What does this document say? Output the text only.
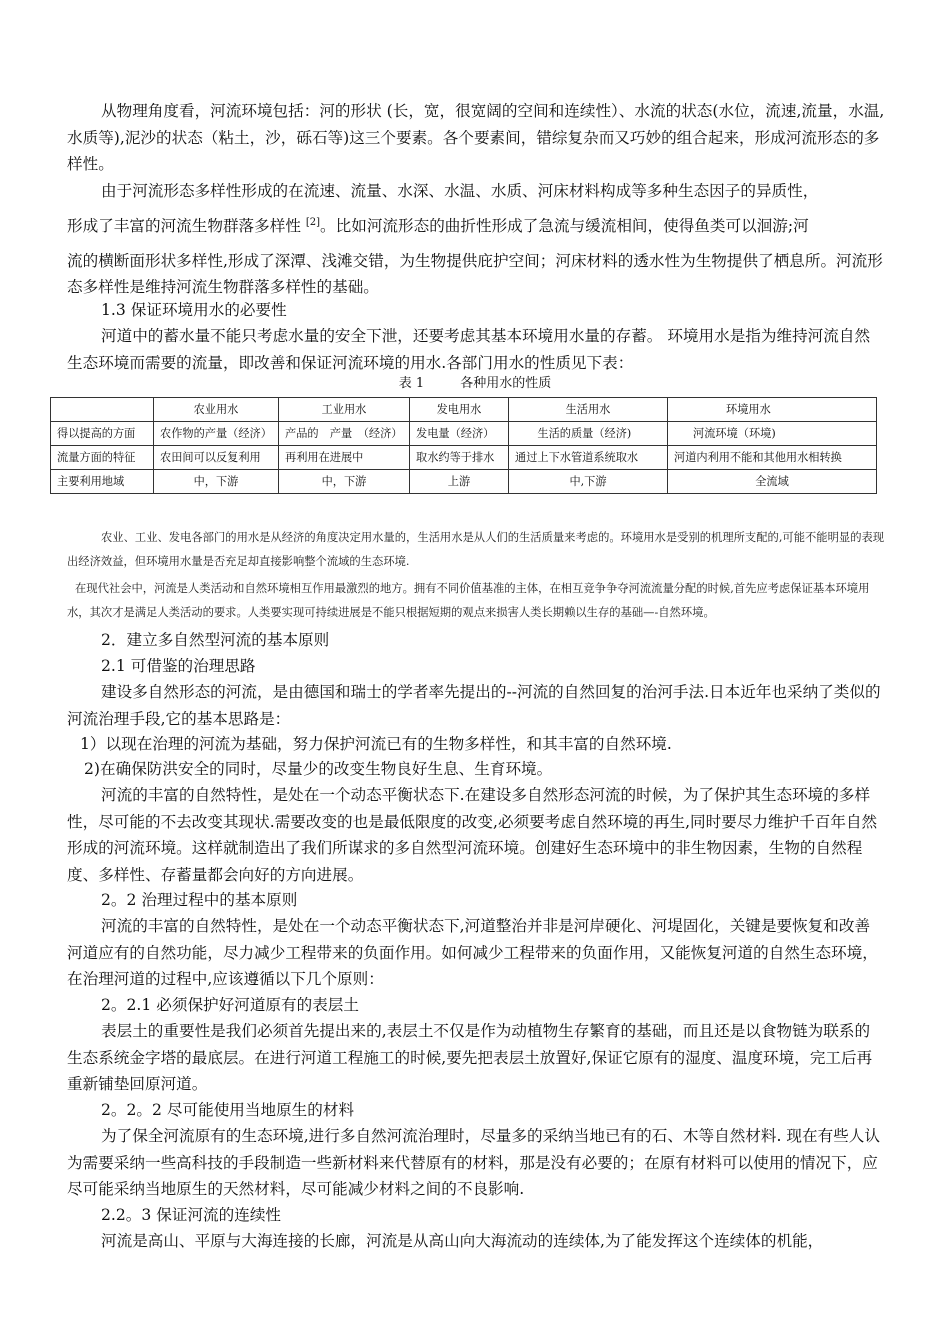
从物理角度看，河流环境包括：河的形状 (长，宽，很宽阔的空间和连续性）、水流的状态(水位，流速,流量，水温,水质等),泥沙的状态（粘土，沙，砾石等)这三个要素。各个要素间，错综复杂而又巧妙的组合起来，形成河流形态的多样性。

由于河流形态多样性形成的在流速、流量、水深、水温、水质、河床材料构成等多种生态因子的异质性，

形成了丰富的河流生物群落多样性 [2]。比如河流形态的曲折性形成了急流与缓流相间，使得鱼类可以洄游;河

流的横断面形状多样性,形成了深潭、浅滩交错，为生物提供庇护空间；河床材料的透水性为生物提供了栖息所。河流形态多样性是维持河流生物群落多样性的基础。

1.3 保证环境用水的必要性

河道中的蓄水量不能只考虑水量的安全下泄，还要考虑其基本环境用水量的存蓄。 环境用水是指为维持河流自然生态环境而需要的流量，即改善和保证河流环境的用水.各部门用水的性质见下表：

表 1	各种用水的性质
	农业用水	工业用水	发电用水	生活用水	环境用水
得以提高的方面	农作物的产量（经济）	产品的　产量　（经济）	发电量（经济）	　　生活的质量（经济)	河流环境（环境)
流量方面的特征	农田间可以反复利用	再利用在进展中	取水约等于排水	通过上下水管道系统取水	河道内利用不能和其他用水相转换
主要利用地域	中，下游	中，下游	上游	中,下游	全流域

农业、工业、发电各部门的用水是从经济的角度决定用水量的，生活用水是从人们的生活质量来考虑的。环境用水是受别的机理所支配的,可能不能明显的表现出经济效益，但环境用水量是否充足却直接影响整个流域的生态环境.

在现代社会中，河流是人类活动和自然环境相互作用最激烈的地方。拥有不同价值基准的主体，在相互竞争争夺河流流量分配的时候,首先应考虑保证基本环境用水，其次才是满足人类活动的要求。人类要实现可持续进展是不能只根据短期的观点来损害人类长期赖以生存的基础—-自然环境。

2．建立多自然型河流的基本原则

2.1 可借鉴的治理思路

建设多自然形态的河流，是由德国和瑞士的学者率先提出的--河流的自然回复的治河手法.日本近年也采纳了类似的河流治理手段,它的基本思路是：

1）以现在治理的河流为基础，努力保护河流已有的生物多样性，和其丰富的自然环境.

2)在确保防洪安全的同时，尽量少的改变生物良好生息、生育环境。

河流的丰富的自然特性，是处在一个动态平衡状态下.在建设多自然形态河流的时候，为了保护其生态环境的多样性，尽可能的不去改变其现状.需要改变的也是最低限度的改变,必须要考虑自然环境的再生,同时要尽力维护千百年自然形成的河流环境。这样就制造出了我们所谋求的多自然型河流环境。创建好生态环境中的非生物因素，生物的自然程度、多样性、存蓄量都会向好的方向进展。

2。2 治理过程中的基本原则

河流的丰富的自然特性，是处在一个动态平衡状态下,河道整治并非是河岸硬化、河堤固化，关键是要恢复和改善河道应有的自然功能，尽力减少工程带来的负面作用。如何减少工程带来的负面作用，又能恢复河道的自然生态环境，在治理河道的过程中,应该遵循以下几个原则：

2。2.1 必须保护好河道原有的表层土

表层土的重要性是我们必须首先提出来的,表层土不仅是作为动植物生存繁育的基础，而且还是以食物链为联系的生态系统金字塔的最底层。在进行河道工程施工的时候,要先把表层土放置好,保证它原有的湿度、温度环境，完工后再重新铺垫回原河道。

2。2。2 尽可能使用当地原生的材料

为了保全河流原有的生态环境,进行多自然河流治理时，尽量多的采纳当地已有的石、木等自然材料. 现在有些人认为需要采纳一些高科技的手段制造一些新材料来代替原有的材料，那是没有必要的；在原有材料可以使用的情况下，应尽可能采纳当地原生的天然材料，尽可能减少材料之间的不良影响.

2.2。3 保证河流的连续性

河流是高山、平原与大海连接的长廊，河流是从高山向大海流动的连续体,为了能发挥这个连续体的机能，
